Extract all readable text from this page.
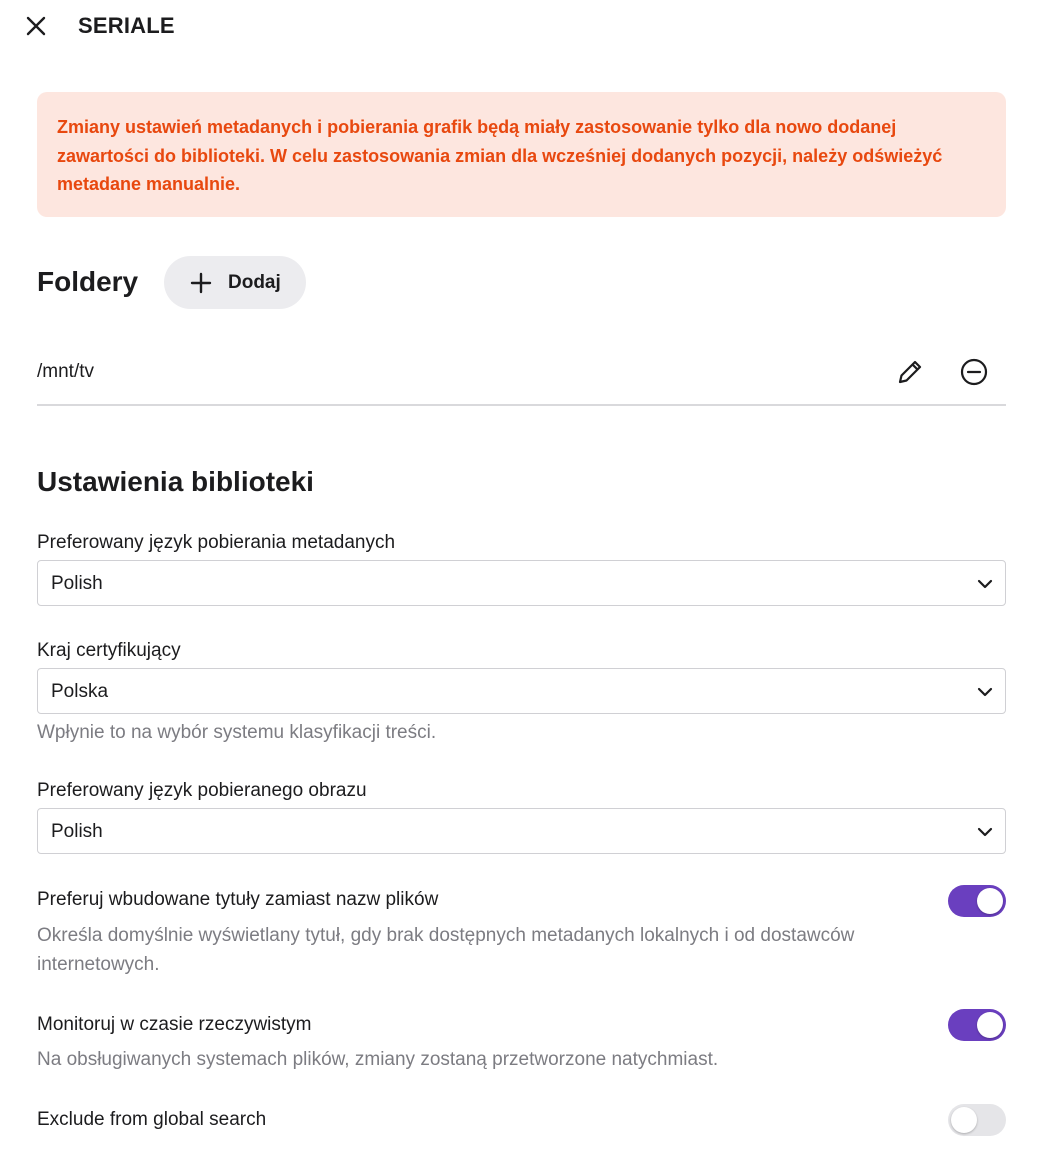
SERIALE
Zmiany ustawień metadanych i pobierania grafik będą miały zastosowanie tylko dla nowo dodanej zawartości do biblioteki. W celu zastosowania zmian dla wcześniej dodanych pozycji, należy odświeżyć metadane manualnie.
Foldery	Dodaj
/mnt/tv
Ustawienia biblioteki
Preferowany język pobierania metadanych
Polish
Kraj certyfikujący
Polska
Wpłynie to na wybór systemu klasyfikacji treści.
Preferowany język pobieranego obrazu
Polish
Preferuj wbudowane tytuły zamiast nazw plików
Określa domyślnie wyświetlany tytuł, gdy brak dostępnych metadanych lokalnych i od dostawców internetowych.
Monitoruj w czasie rzeczywistym
Na obsługiwanych systemach plików, zmiany zostaną przetworzone natychmiast.
Exclude from global search
